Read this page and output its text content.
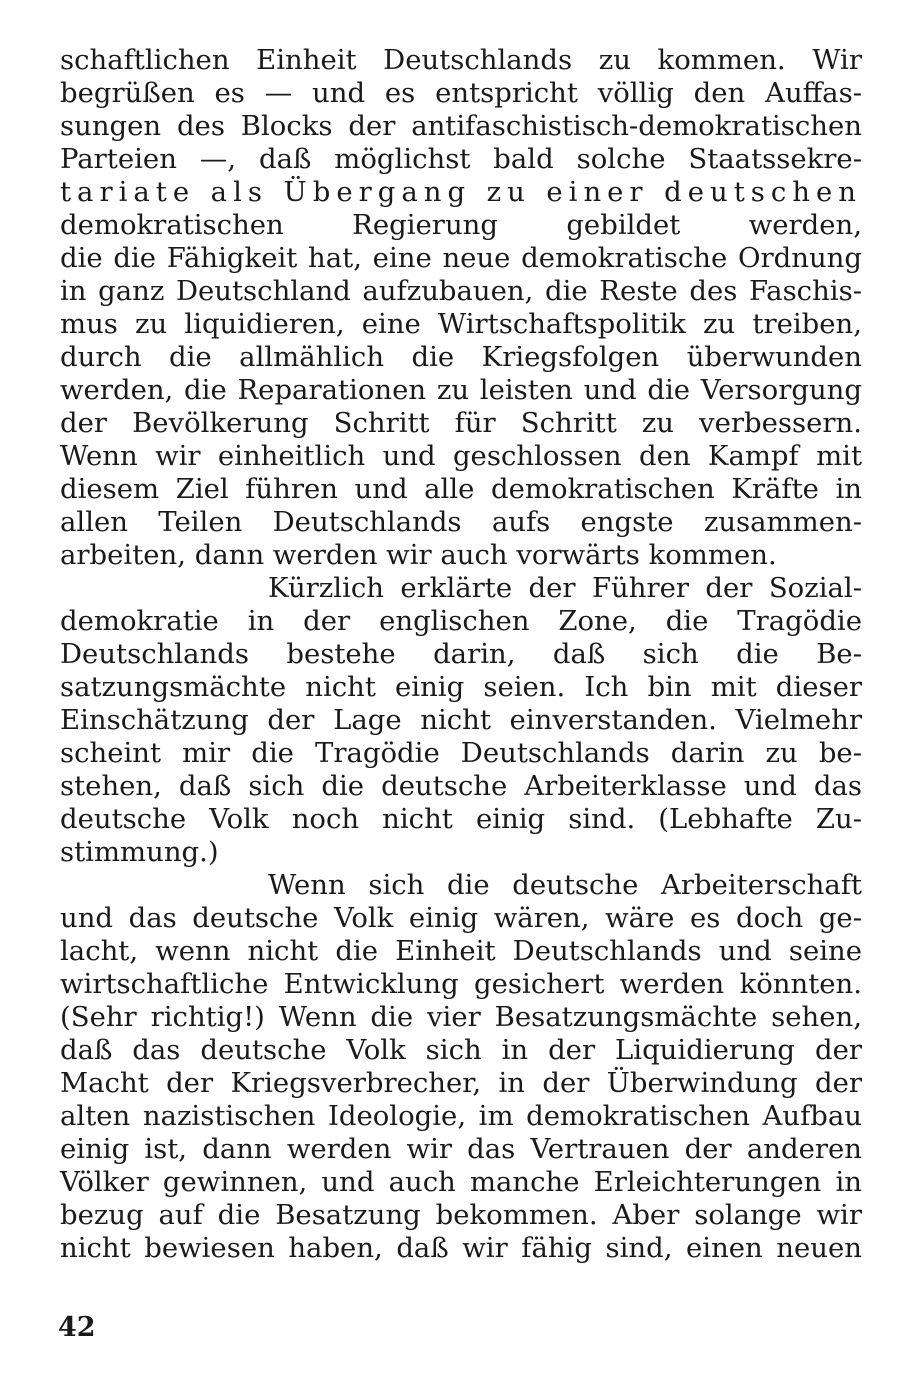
schaftlichen Einheit Deutschlands zu kommen. Wir
begrüßen es — und es entspricht völlig den Auffas-
sungen des Blocks der antifaschistisch-demokratischen
Parteien —, daß möglichst bald solche Staatssekre-
tariate als Übergang zu einer deutschen
demokratischen Regierung gebildet werden,
die die Fähigkeit hat, eine neue demokratische Ordnung
in ganz Deutschland aufzubauen, die Reste des Faschis-
mus zu liquidieren, eine Wirtschaftspolitik zu treiben,
durch die allmählich die Kriegsfolgen überwunden
werden, die Reparationen zu leisten und die Versorgung
der Bevölkerung Schritt für Schritt zu verbessern.
Wenn wir einheitlich und geschlossen den Kampf mit
diesem Ziel führen und alle demokratischen Kräfte in
allen Teilen Deutschlands aufs engste zusammen-
arbeiten, dann werden wir auch vorwärts kommen.
Kürzlich erklärte der Führer der Sozial-
demokratie in der englischen Zone, die Tragödie
Deutschlands bestehe darin, daß sich die Be-
satzungsmächte nicht einig seien. Ich bin mit dieser
Einschätzung der Lage nicht einverstanden. Vielmehr
scheint mir die Tragödie Deutschlands darin zu be-
stehen, daß sich die deutsche Arbeiterklasse und das
deutsche Volk noch nicht einig sind. (Lebhafte Zu-
stimmung.)
Wenn sich die deutsche Arbeiterschaft
und das deutsche Volk einig wären, wäre es doch ge-
lacht, wenn nicht die Einheit Deutschlands und seine
wirtschaftliche Entwicklung gesichert werden könnten.
(Sehr richtig!) Wenn die vier Besatzungsmächte sehen,
daß das deutsche Volk sich in der Liquidierung der
Macht der Kriegsverbrecher, in der Überwindung der
alten nazistischen Ideologie, im demokratischen Aufbau
einig ist, dann werden wir das Vertrauen der anderen
Völker gewinnen, und auch manche Erleichterungen in
bezug auf die Besatzung bekommen. Aber solange wir
nicht bewiesen haben, daß wir fähig sind, einen neuen
42
